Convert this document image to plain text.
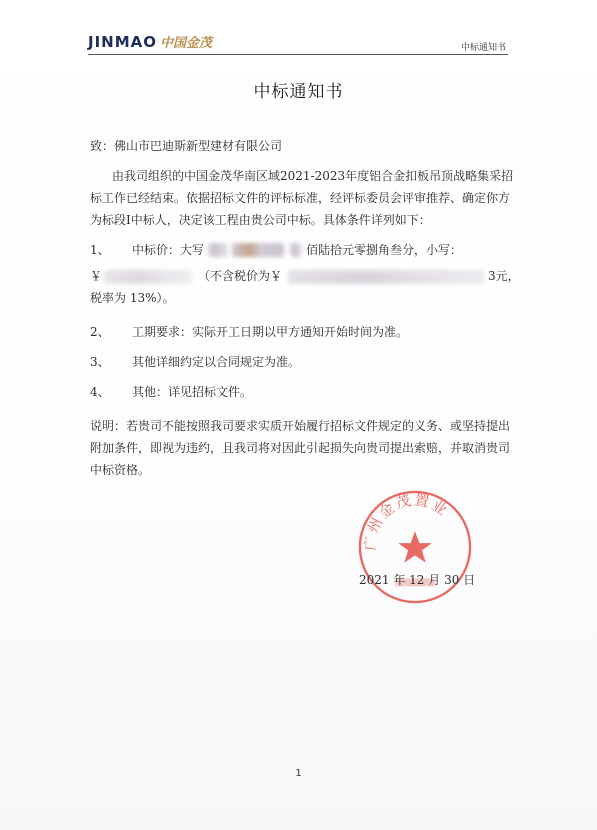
JINMAO 中国金茂	中标通知书
中标通知书
致：佛山市巴迪斯新型建材有限公司
由我司组织的中国金茂华南区域2021-2023年度铝合金扣板吊顶战略集采招
标工作已经结束。依据招标文件的评标标准，经评标委员会评审推荐、确定你方
为标段Ⅰ中标人，决定该工程由贵公司中标。具体条件详列如下：
1、 中标价：大写	佰陆拾元零捌角叁分，小写：
￥	（不含税价为￥	3元，
税率为 13%）。
2、 工期要求：实际开工日期以甲方通知开始时间为准。
3、 其他详细约定以合同规定为准。
4、 其他：详见招标文件。
说明：若贵司不能按照我司要求实质开始履行招标文件规定的义务、或坚持提出
附加条件，即视为违约，且我司将对因此引起损失向贵司提出索赔，并取消贵司
中标资格。
广州金茂置业
2021 年 12 月 30 日
1
